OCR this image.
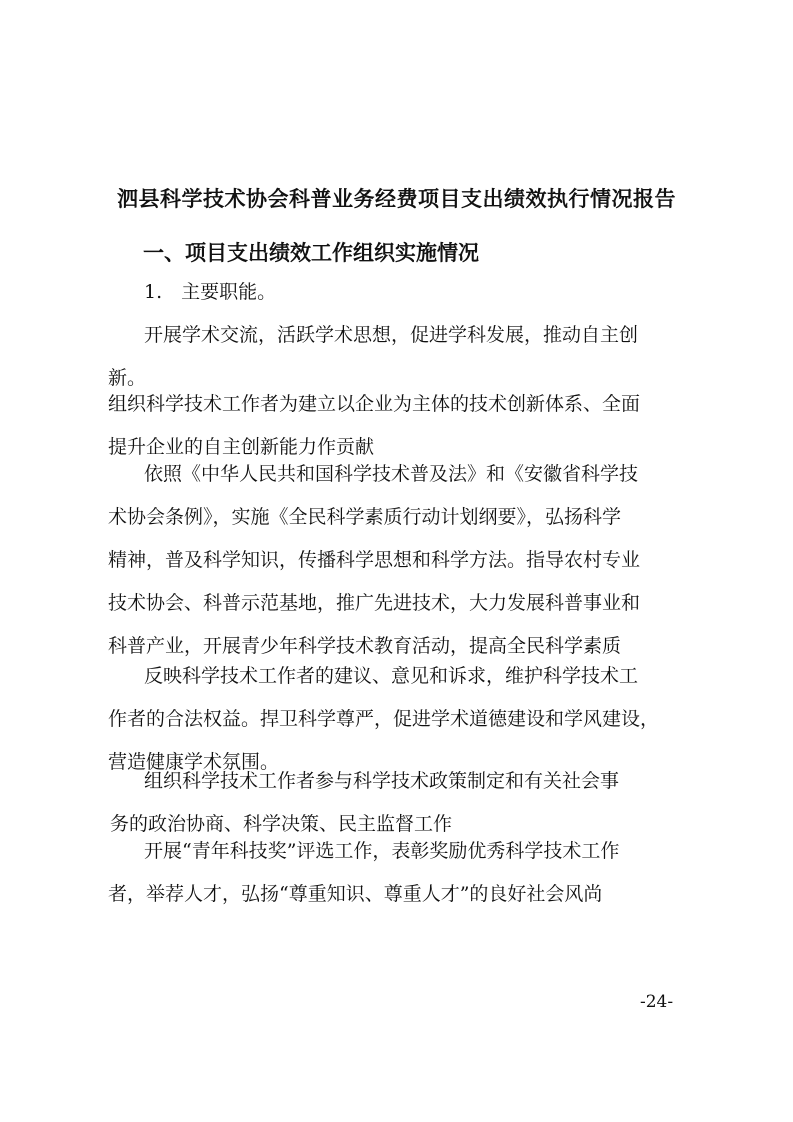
泗县科学技术协会科普业务经费项目支出绩效执行情况报告
一、项目支出绩效工作组织实施情况
1.　主要职能。
开展学术交流，活跃学术思想，促进学科发展，推动自主创
新。
组织科学技术工作者为建立以企业为主体的技术创新体系、全面
提升企业的自主创新能力作贡献
依照《中华人民共和国科学技术普及法》和《安徽省科学技
术协会条例》，实施《全民科学素质行动计划纲要》，弘扬科学
精神，普及科学知识，传播科学思想和科学方法。指导农村专业
技术协会、科普示范基地，推广先进技术，大力发展科普事业和
科普产业，开展青少年科学技术教育活动，提高全民科学素质
反映科学技术工作者的建议、意见和诉求，维护科学技术工
作者的合法权益。捍卫科学尊严，促进学术道德建设和学风建设，
营造健康学术氛围。
组织科学技术工作者参与科学技术政策制定和有关社会事
务的政治协商、科学决策、民主监督工作
开展“青年科技奖”评选工作，表彰奖励优秀科学技术工作
者，举荐人才，弘扬“尊重知识、尊重人才”的良好社会风尚
-24-
